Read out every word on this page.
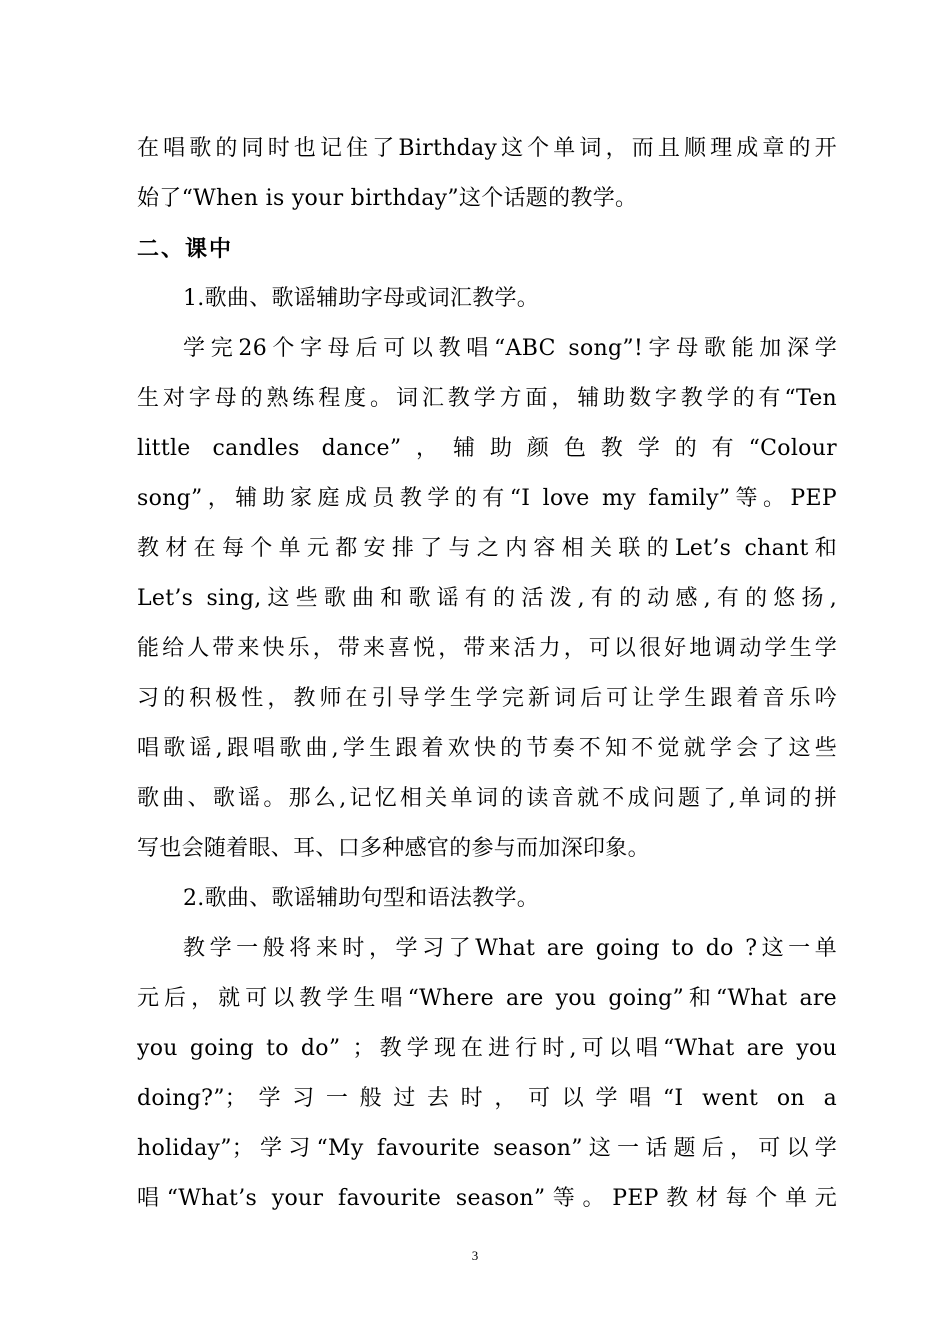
在唱歌的同时也记住了Birthday这个单词，而且顺理成章的开
始了“When is your birthday”这个话题的教学。
二、课中
1.歌曲、歌谣辅助字母或词汇教学。
学完26个字母后可以教唱“ABC song”!字母歌能加深学
生对字母的熟练程度。词汇教学方面，辅助数字教学的有“Ten
little candles dance”，辅助颜色教学的有“Colour
song”，辅助家庭成员教学的有“I love my family”等。PEP
教材在每个单元都安排了与之内容相关联的Let’s chant和
Let’s sing,这些歌曲和歌谣有的活泼,有的动感,有的悠扬,
能给人带来快乐，带来喜悦，带来活力，可以很好地调动学生学
习的积极性，教师在引导学生学完新词后可让学生跟着音乐吟
唱歌谣,跟唱歌曲,学生跟着欢快的节奏不知不觉就学会了这些
歌曲、歌谣。那么,记忆相关单词的读音就不成问题了,单词的拼
写也会随着眼、耳、口多种感官的参与而加深印象。
2.歌曲、歌谣辅助句型和语法教学。
教学一般将来时，学习了What are going to do ?这一单
元后，就可以教学生唱“Where are you going”和“What are
you going to do” ；教学现在进行时,可以唱“What are you
doing?”；学习一般过去时，可以学唱“I went on a
holiday”；学习“My favourite season”这一话题后，可以学
唱“What’s your favourite season”等。PEP教材每个单元
3
